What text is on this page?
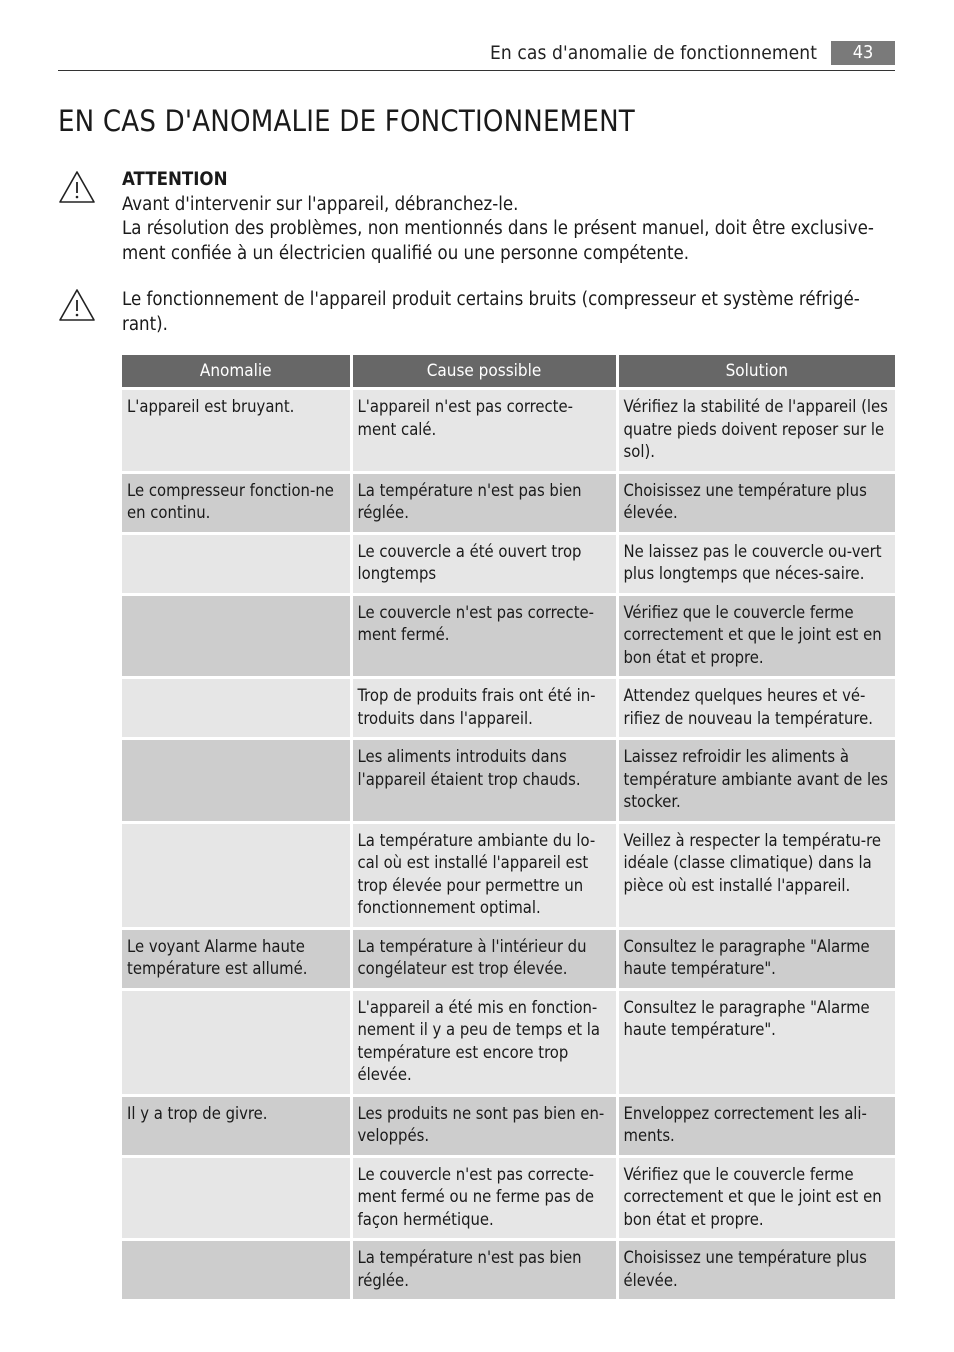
En cas d'anomalie de fonctionnement	43
EN CAS D'ANOMALIE DE FONCTIONNEMENT

ATTENTION

Avant d'intervenir sur l'appareil, débranchez-le.

La résolution des problèmes, non mentionnés dans le présent manuel, doit être exclusive-ment confiée à un électricien qualifié ou une personne compétente.

Le fonctionnement de l'appareil produit certains bruits (compresseur et système réfrigé-rant).

Anomalie	Cause possible	Solution
L'appareil est bruyant.	L'appareil n'est pas correcte-ment calé.	Vérifiez la stabilité de l'appareil (les quatre pieds doivent reposer sur le sol).
Le compresseur fonction-ne en continu.	La température n'est pas bien réglée.	Choisissez une température plus élevée.
	Le couvercle a été ouvert trop longtemps	Ne laissez pas le couvercle ou-vert plus longtemps que néces-saire.
	Le couvercle n'est pas correcte-ment fermé.	Vérifiez que le couvercle ferme correctement et que le joint est en bon état et propre.
	Trop de produits frais ont été in-troduits dans l'appareil.	Attendez quelques heures et vé-rifiez de nouveau la température.
	Les aliments introduits dans l'appareil étaient trop chauds.	Laissez refroidir les aliments à température ambiante avant de les stocker.
	La température ambiante du lo-cal où est installé l'appareil est trop élevée pour permettre un fonctionnement optimal.	Veillez à respecter la températu-re idéale (classe climatique) dans la pièce où est installé l'appareil.
Le voyant Alarme haute température est allumé.	La température à l'intérieur du congélateur est trop élevée.	Consultez le paragraphe "Alarme haute température".
	L'appareil a été mis en fonction-nement il y a peu de temps et la température est encore trop élevée.	Consultez le paragraphe "Alarme haute température".
Il y a trop de givre.	Les produits ne sont pas bien en-veloppés.	Enveloppez correctement les ali-ments.
	Le couvercle n'est pas correcte-ment fermé ou ne ferme pas de façon hermétique.	Vérifiez que le couvercle ferme correctement et que le joint est en bon état et propre.
	La température n'est pas bien réglée.	Choisissez une température plus élevée.
